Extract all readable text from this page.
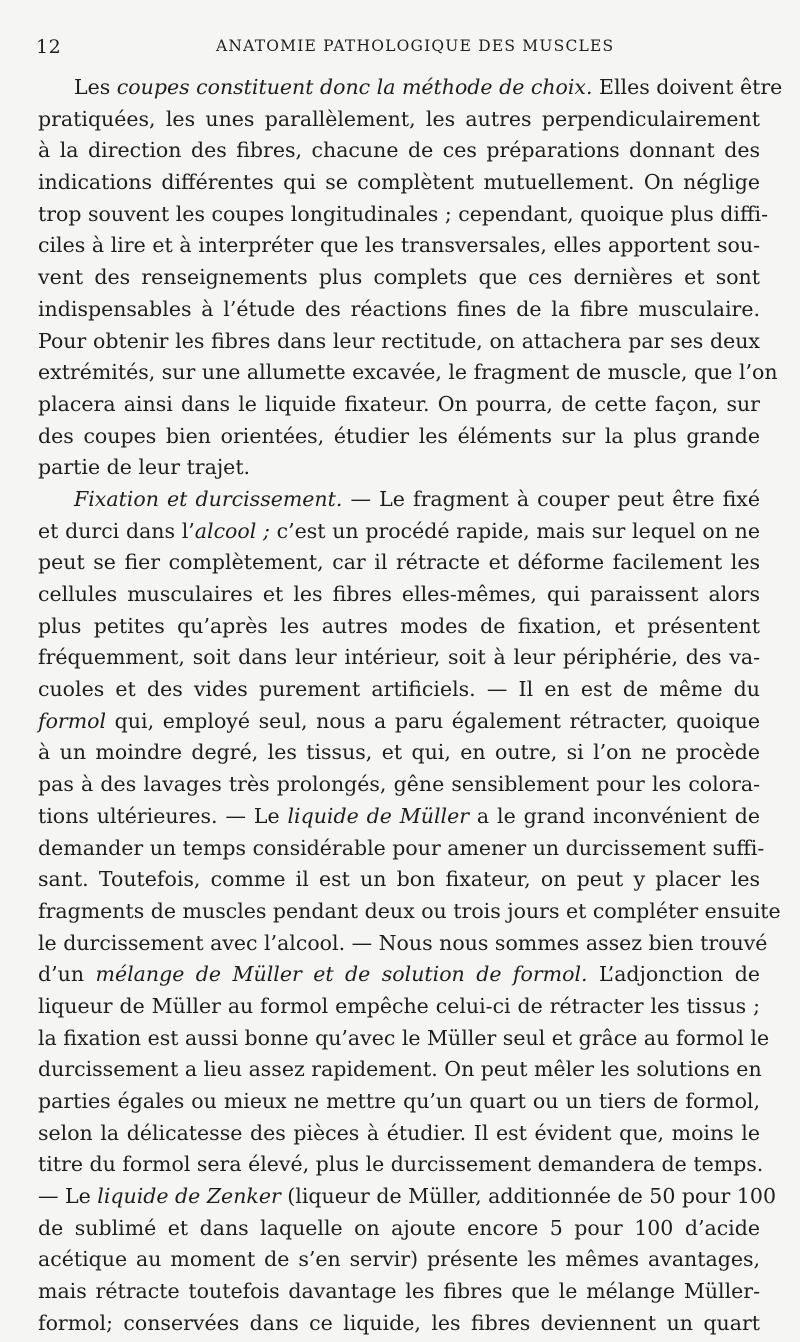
12	ANATOMIE PATHOLOGIQUE DES MUSCLES
Les coupes constituent donc la méthode de choix. Elles doivent être
pratiquées, les unes parallèlement, les autres perpendiculairement
à la direction des fibres, chacune de ces préparations donnant des
indications différentes qui se complètent mutuellement. On néglige
trop souvent les coupes longitudinales ; cependant, quoique plus diffi-
ciles à lire et à interpréter que les transversales, elles apportent sou-
vent des renseignements plus complets que ces dernières et sont
indispensables à l’étude des réactions fines de la fibre musculaire.
Pour obtenir les fibres dans leur rectitude, on attachera par ses deux
extrémités, sur une allumette excavée, le fragment de muscle, que l’on
placera ainsi dans le liquide fixateur. On pourra, de cette façon, sur
des coupes bien orientées, étudier les éléments sur la plus grande
partie de leur trajet.
Fixation et durcissement. — Le fragment à couper peut être fixé
et durci dans l’alcool ; c’est un procédé rapide, mais sur lequel on ne
peut se fier complètement, car il rétracte et déforme facilement les
cellules musculaires et les fibres elles-mêmes, qui paraissent alors
plus petites qu’après les autres modes de fixation, et présentent
fréquemment, soit dans leur intérieur, soit à leur périphérie, des va-
cuoles et des vides purement artificiels. — Il en est de même du
formol qui, employé seul, nous a paru également rétracter, quoique
à un moindre degré, les tissus, et qui, en outre, si l’on ne procède
pas à des lavages très prolongés, gêne sensiblement pour les colora-
tions ultérieures. — Le liquide de Müller a le grand inconvénient de
demander un temps considérable pour amener un durcissement suffi-
sant. Toutefois, comme il est un bon fixateur, on peut y placer les
fragments de muscles pendant deux ou trois jours et compléter ensuite
le durcissement avec l’alcool. — Nous nous sommes assez bien trouvé
d’un mélange de Müller et de solution de formol. L’adjonction de
liqueur de Müller au formol empêche celui-ci de rétracter les tissus ;
la fixation est aussi bonne qu’avec le Müller seul et grâce au formol le
durcissement a lieu assez rapidement. On peut mêler les solutions en
parties égales ou mieux ne mettre qu’un quart ou un tiers de formol,
selon la délicatesse des pièces à étudier. Il est évident que, moins le
titre du formol sera élevé, plus le durcissement demandera de temps.
— Le liquide de Zenker (liqueur de Müller, additionnée de 50 pour 100
de sublimé et dans laquelle on ajoute encore 5 pour 100 d’acide
acétique au moment de s’en servir) présente les mêmes avantages,
mais rétracte toutefois davantage les fibres que le mélange Müller-
formol; conservées dans ce liquide, les fibres deviennent un quart
